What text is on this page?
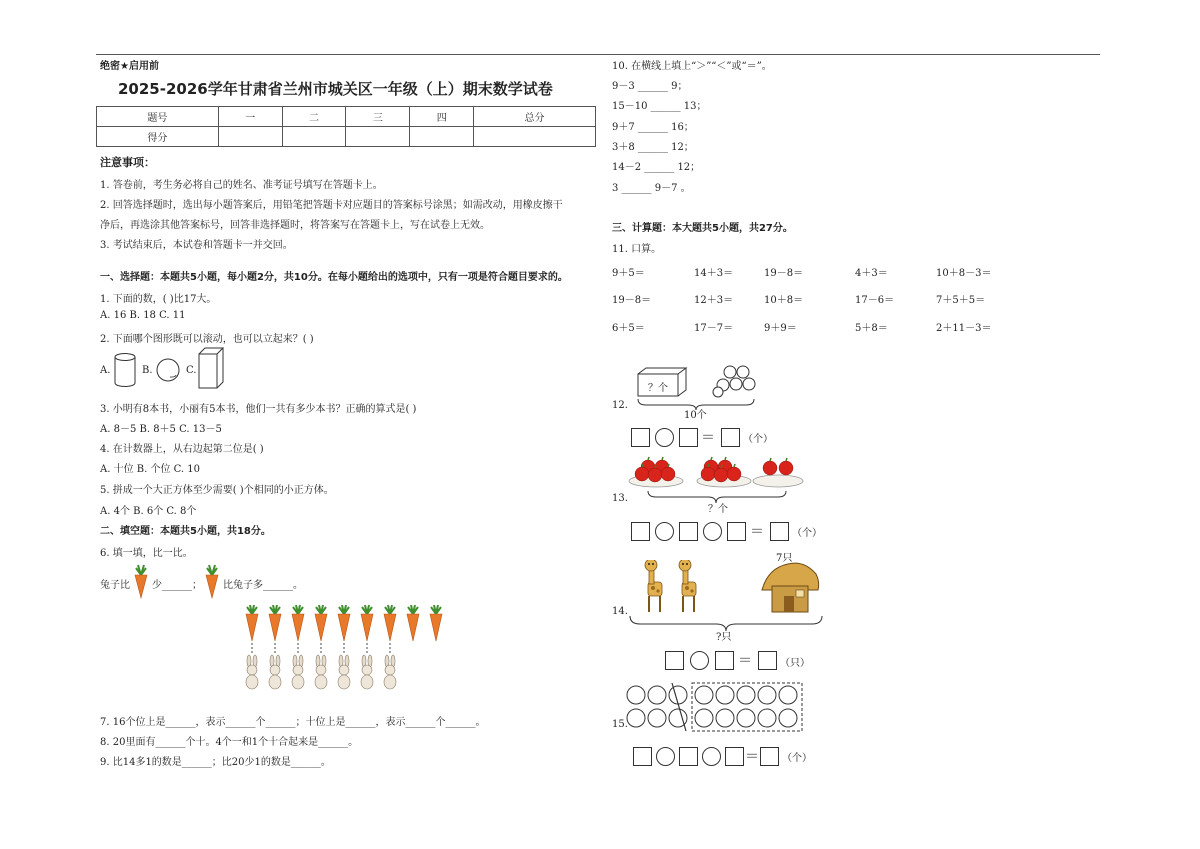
绝密★启用前
2025-2026学年甘肃省兰州市城关区一年级（上）期末数学试卷
题号	一	二	三	四	总分
得分					
注意事项：
1. 答卷前，考生务必将自己的姓名、准考证号填写在答题卡上。
2. 回答选择题时，选出每小题答案后，用铅笔把答题卡对应题目的答案标号涂黑；如需改动，用橡皮擦干
净后，再选涂其他答案标号，回答非选择题时，将答案写在答题卡上，写在试卷上无效。
3. 考试结束后，本试卷和答题卡一并交回。
一、选择题：本题共5小题，每小题2分，共10分。在每小题给出的选项中，只有一项是符合题目要求的。
1. 下面的数，( )比17大。
A. 16 B. 18 C. 11
2. 下面哪个图形既可以滚动，也可以立起来？( )
A.	B.	C.
3. 小明有8本书，小丽有5本书，他们一共有多少本书？正确的算式是( )
A. 8－5 B. 8＋5 C. 13－5
4. 在计数器上，从右边起第二位是( )
A. 十位 B. 个位 C. 10
5. 拼成一个大正方体至少需要( )个相同的小正方体。
A. 4个 B. 6个 C. 8个
二、填空题：本题共5小题，共18分。
6. 填一填，比一比。
兔子比 少______； 比兔子多______。
7. 16个位上是______，表示______个______；十位上是______，表示______个______。
8. 20里面有______个十。4个一和1个十合起来是______。
9. 比14多1的数是______；比20少1的数是______。
10. 在横线上填上“＞”“＜”或“＝”。
9－3 ______ 9；
15－10 ______ 13；
9＋7 ______ 16；
3＋8 ______ 12；
14－2 ______ 12；
3 ______ 9－7 。
三、计算题：本大题共5小题，共27分。
11. 口算。
9＋5＝	14＋3＝	19－8＝	4＋3＝	10＋8－3＝
19－8＝	12＋3＝	10＋8＝	17－6＝	7＋5＋5＝
6＋5＝	17－7＝	9＋9＝	5＋8＝	2＋11－3＝
12.
？个
10个
＝	（个）
13.
？个
＝	（个）
14.
7只
?只
＝	（只）
15.
＝ （个）
